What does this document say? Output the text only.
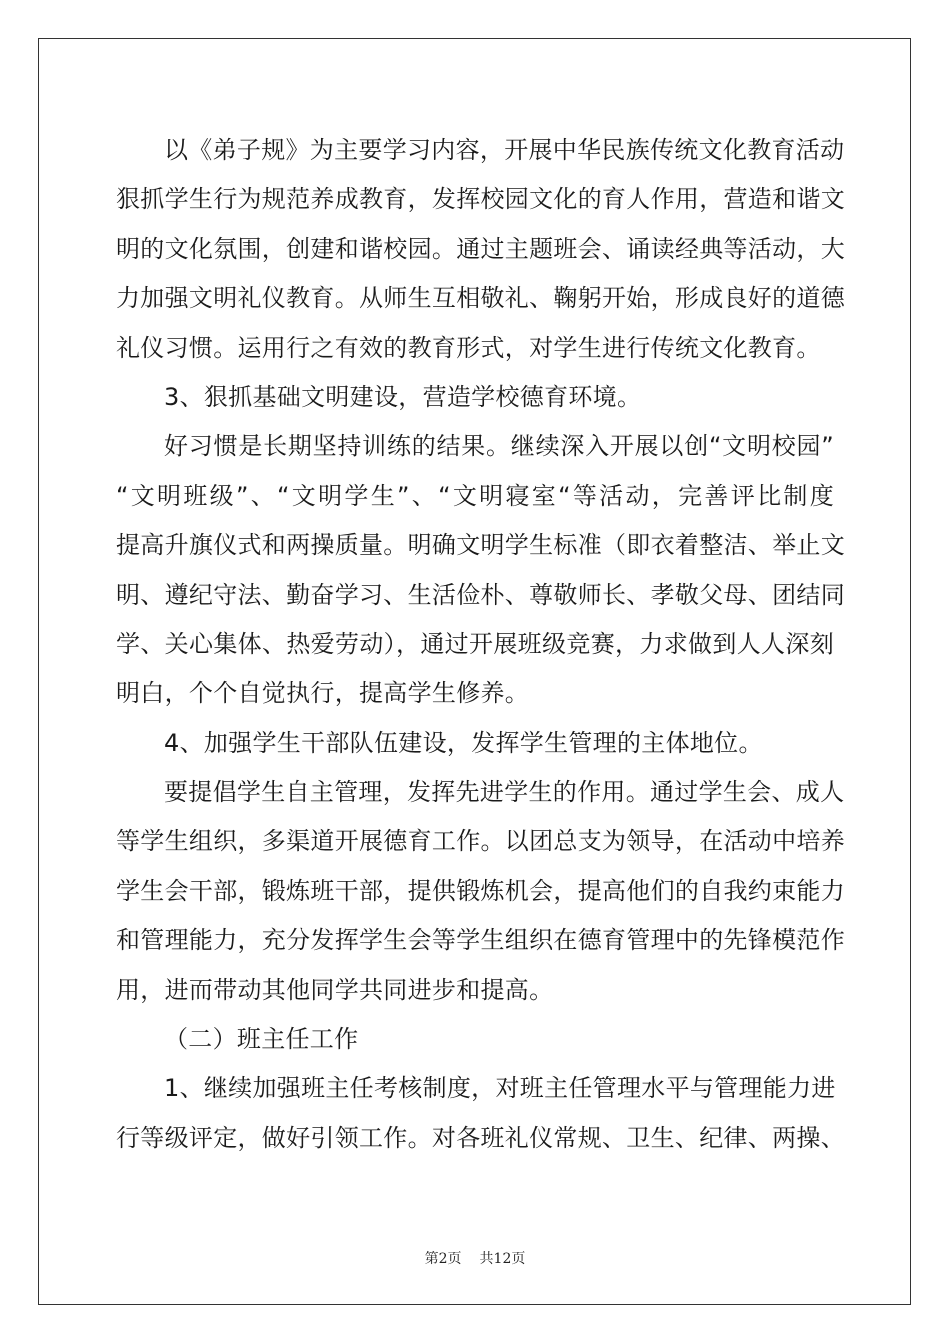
以《弟子规》为主要学习内容，开展中华民族传统文化教育活动
狠抓学生行为规范养成教育，发挥校园文化的育人作用，营造和谐文
明的文化氛围，创建和谐校园。通过主题班会、诵读经典等活动，大
力加强文明礼仪教育。从师生互相敬礼、鞠躬开始，形成良好的道德
礼仪习惯。运用行之有效的教育形式，对学生进行传统文化教育。
3、狠抓基础文明建设，营造学校德育环境。
好习惯是长期坚持训练的结果。继续深入开展以创“文明校园”
“文明班级”、“文明学生”、“文明寝室“等活动，完善评比制度
提高升旗仪式和两操质量。明确文明学生标准（即衣着整洁、举止文
明、遵纪守法、勤奋学习、生活俭朴、尊敬师长、孝敬父母、团结同
学、关心集体、热爱劳动），通过开展班级竞赛，力求做到人人深刻
明白，个个自觉执行，提高学生修养。
4、加强学生干部队伍建设，发挥学生管理的主体地位。
要提倡学生自主管理，发挥先进学生的作用。通过学生会、成人
等学生组织，多渠道开展德育工作。以团总支为领导，在活动中培养
学生会干部，锻炼班干部，提供锻炼机会，提高他们的自我约束能力
和管理能力，充分发挥学生会等学生组织在德育管理中的先锋模范作
用，进而带动其他同学共同进步和提高。
（二）班主任工作
1、继续加强班主任考核制度，对班主任管理水平与管理能力进
行等级评定，做好引领工作。对各班礼仪常规、卫生、纪律、两操、
第2页 共12页
